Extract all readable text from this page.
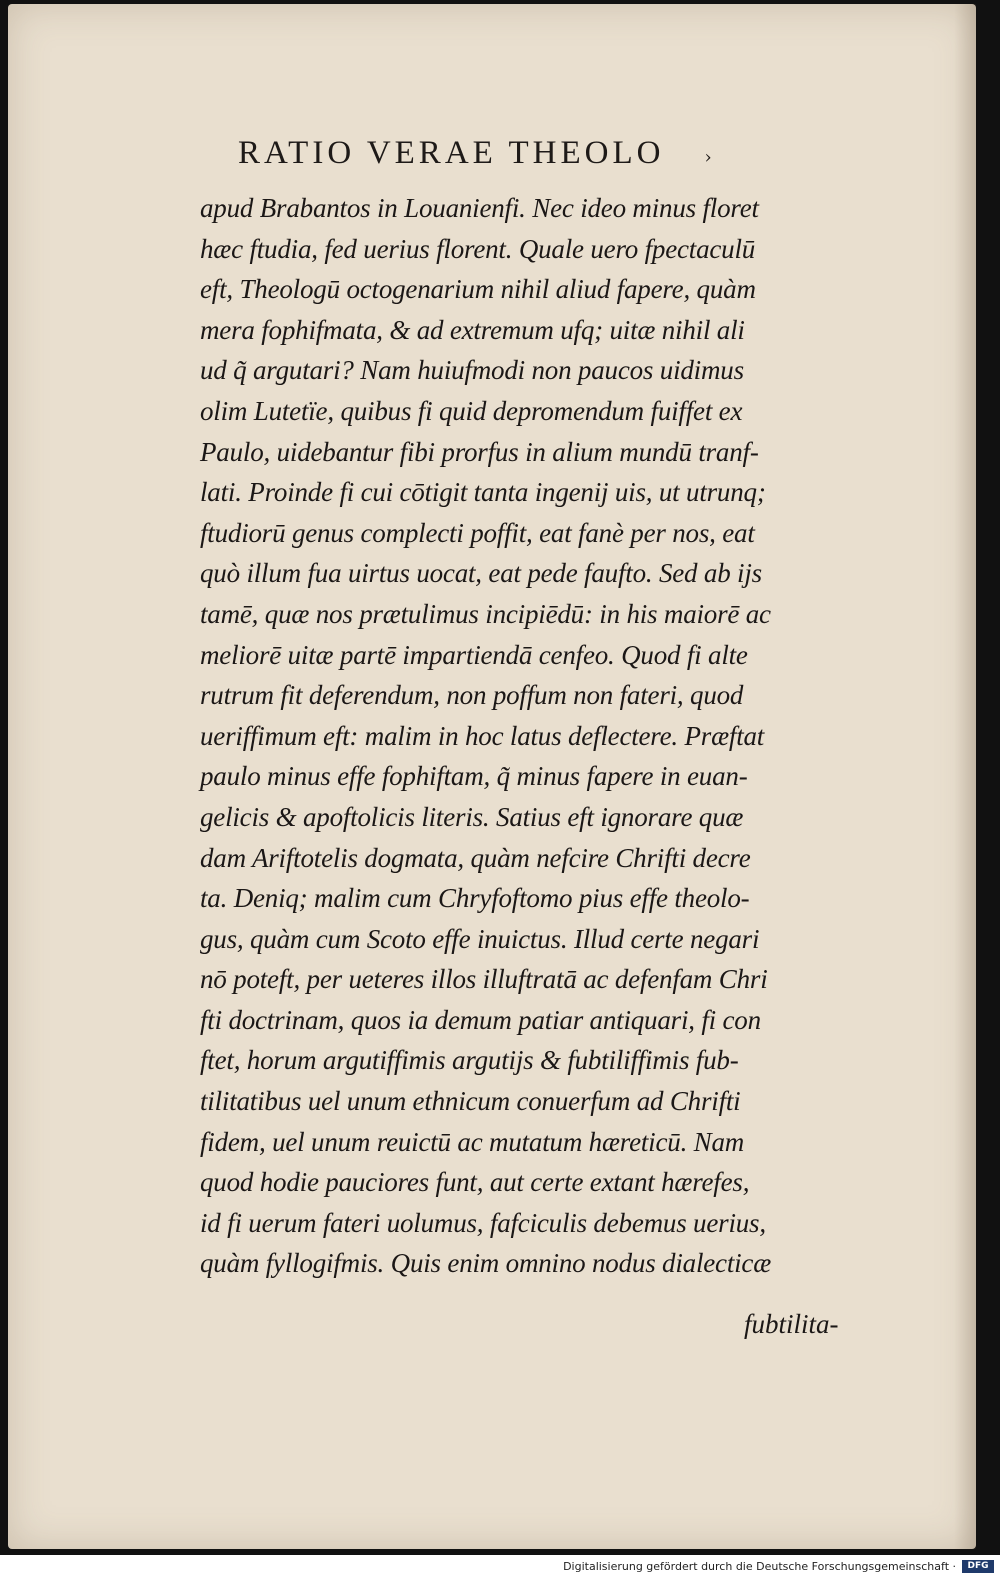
RATIO VERAE THEOLO ›
apud Brabantos in Louanienfi. Nec ideo minus floret
hæc ftudia, fed uerius florent. Quale uero fpectaculū
eft, Theologū octogenarium nihil aliud fapere, quàm
mera fophifmata, & ad extremum ufq; uitæ nihil ali
ud q̃ argutari? Nam huiufmodi non paucos uidimus
olim Lutetïe, quibus fi quid depromendum fuiffet ex
Paulo, uidebantur fibi prorfus in alium mundū tranf-
lati. Proinde fi cui cōtigit tanta ingenij uis, ut utrunq;
ftudiorū genus complecti poffit, eat fanè per nos, eat
quò illum fua uirtus uocat, eat pede faufto. Sed ab ijs
tamē, quæ nos prætulimus incipiēdū: in his maiorē ac
meliorē uitæ partē impartiendā cenfeo. Quod fi alte
rutrum fit deferendum, non poffum non fateri, quod
ueriffimum eft: malim in hoc latus deflectere. Præftat
paulo minus effe fophiftam, q̃ minus fapere in euan-
gelicis & apoftolicis literis. Satius eft ignorare quæ
dam Ariftotelis dogmata, quàm nefcire Chrifti decre
ta. Deniq; malim cum Chryfoftomo pius effe theolo-
gus, quàm cum Scoto effe inuictus. Illud certe negari
nō poteft, per ueteres illos illuftratā ac defenfam Chri
fti doctrinam, quos ia demum patiar antiquari, fi con
ftet, horum argutiffimis argutijs & fubtiliffimis fub-
tilitatibus uel unum ethnicum conuerfum ad Chrifti
fidem, uel unum reuictū ac mutatum hæreticū. Nam
quod hodie pauciores funt, aut certe extant hærefes,
id fi uerum fateri uolumus, fafciculis debemus uerius,
quàm fyllogifmis. Quis enim omnino nodus dialecticæ
fubtilita-
Digitalisierung gefördert durch die Deutsche Forschungsgemeinschaft ·	DFG
